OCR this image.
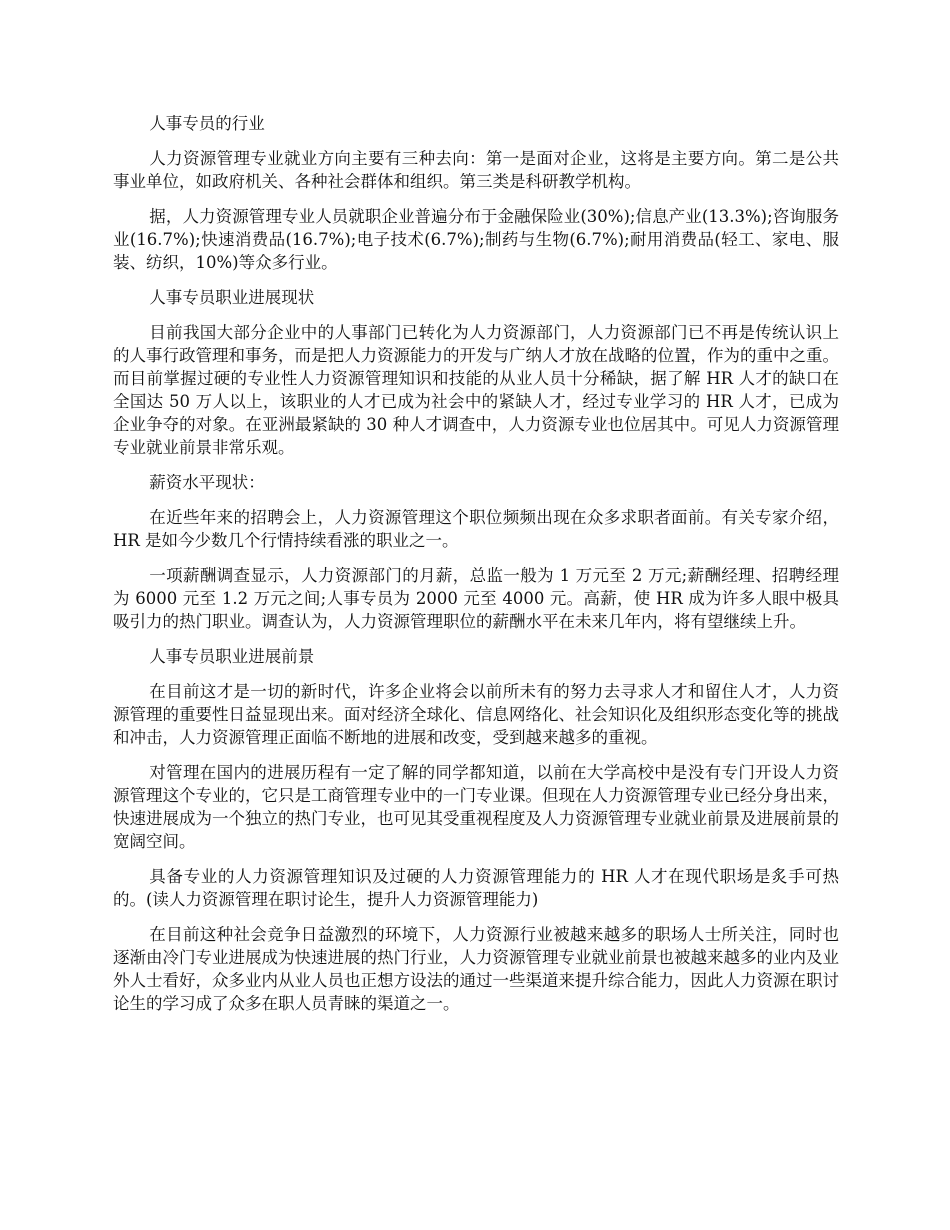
人事专员的行业

人力资源管理专业就业方向主要有三种去向：第一是面对企业，这将是主要方向。第二是公共事业单位，如政府机关、各种社会群体和组织。第三类是科研教学机构。

据，人力资源管理专业人员就职企业普遍分布于金融保险业(30%);信息产业(13.3%);咨询服务业(16.7%);快速消费品(16.7%);电子技术(6.7%);制药与生物(6.7%);耐用消费品(轻工、家电、服装、纺织，10%)等众多行业。

人事专员职业进展现状

目前我国大部分企业中的人事部门已转化为人力资源部门，人力资源部门已不再是传统认识上的人事行政管理和事务，而是把人力资源能力的开发与广纳人才放在战略的位置，作为的重中之重。而目前掌握过硬的专业性人力资源管理知识和技能的从业人员十分稀缺，据了解 HR 人才的缺口在全国达 50 万人以上，该职业的人才已成为社会中的紧缺人才，经过专业学习的 HR 人才，已成为企业争夺的对象。在亚洲最紧缺的 30 种人才调查中，人力资源专业也位居其中。可见人力资源管理专业就业前景非常乐观。

薪资水平现状：

在近些年来的招聘会上，人力资源管理这个职位频频出现在众多求职者面前。有关专家介绍，HR 是如今少数几个行情持续看涨的职业之一。

一项薪酬调查显示，人力资源部门的月薪，总监一般为 1 万元至 2 万元;薪酬经理、招聘经理为 6000 元至 1.2 万元之间;人事专员为 2000 元至 4000 元。高薪，使 HR 成为许多人眼中极具吸引力的热门职业。调查认为，人力资源管理职位的薪酬水平在未来几年内，将有望继续上升。

人事专员职业进展前景

在目前这才是一切的新时代，许多企业将会以前所未有的努力去寻求人才和留住人才，人力资源管理的重要性日益显现出来。面对经济全球化、信息网络化、社会知识化及组织形态变化等的挑战和冲击，人力资源管理正面临不断地的进展和改变，受到越来越多的重视。

对管理在国内的进展历程有一定了解的同学都知道，以前在大学高校中是没有专门开设人力资源管理这个专业的，它只是工商管理专业中的一门专业课。但现在人力资源管理专业已经分身出来，快速进展成为一个独立的热门专业，也可见其受重视程度及人力资源管理专业就业前景及进展前景的宽阔空间。

具备专业的人力资源管理知识及过硬的人力资源管理能力的 HR 人才在现代职场是炙手可热的。(读人力资源管理在职讨论生，提升人力资源管理能力)

在目前这种社会竞争日益激烈的环境下，人力资源行业被越来越多的职场人士所关注，同时也逐渐由冷门专业进展成为快速进展的热门行业，人力资源管理专业就业前景也被越来越多的业内及业外人士看好，众多业内从业人员也正想方设法的通过一些渠道来提升综合能力，因此人力资源在职讨论生的学习成了众多在职人员青睐的渠道之一。
